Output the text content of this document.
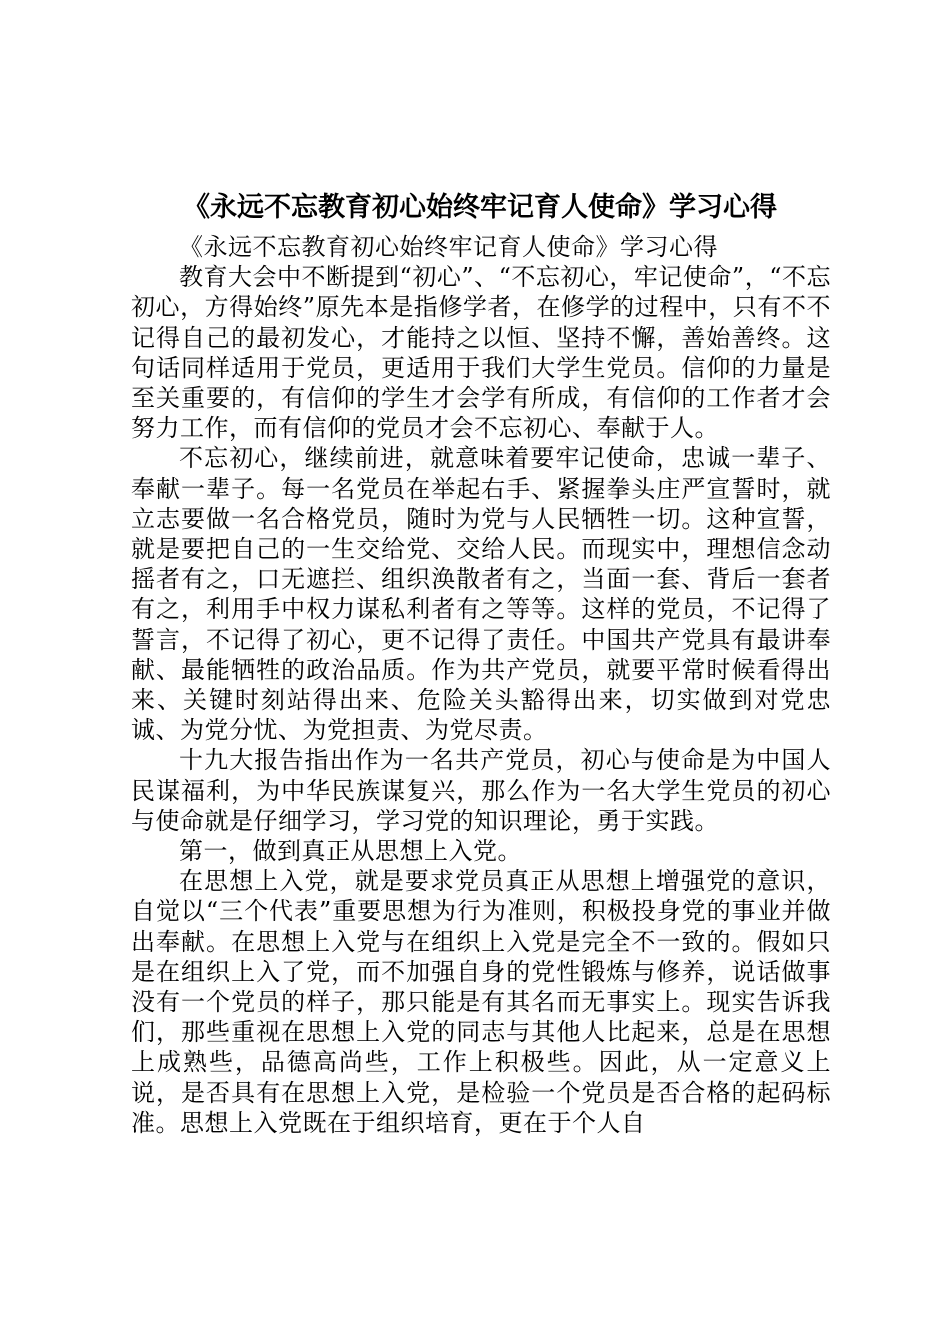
《永远不忘教育初心始终牢记育人使命》学习心得

《永远不忘教育初心始终牢记育人使命》学习心得

教育大会中不断提到“初心”、“不忘初心，牢记使命”，“不忘初心，方得始终”原先本是指修学者，在修学的过程中，只有不不记得自己的最初发心，才能持之以恒、坚持不懈，善始善终。这句话同样适用于党员，更适用于我们大学生党员。信仰的力量是至关重要的，有信仰的学生才会学有所成，有信仰的工作者才会努力工作，而有信仰的党员才会不忘初心、奉献于人。

不忘初心，继续前进，就意味着要牢记使命，忠诚一辈子、奉献一辈子。每一名党员在举起右手、紧握拳头庄严宣誓时，就立志要做一名合格党员，随时为党与人民牺牲一切。这种宣誓，就是要把自己的一生交给党、交给人民。而现实中，理想信念动摇者有之，口无遮拦、组织涣散者有之，当面一套、背后一套者有之，利用手中权力谋私利者有之等等。这样的党员，不记得了誓言，不记得了初心，更不记得了责任。中国共产党具有最讲奉献、最能牺牲的政治品质。作为共产党员，就要平常时候看得出来、关键时刻站得出来、危险关头豁得出来，切实做到对党忠诚、为党分忧、为党担责、为党尽责。

十九大报告指出作为一名共产党员，初心与使命是为中国人民谋福利，为中华民族谋复兴，那么作为一名大学生党员的初心与使命就是仔细学习，学习党的知识理论，勇于实践。

第一，做到真正从思想上入党。

在思想上入党，就是要求党员真正从思想上增强党的意识，自觉以“三个代表”重要思想为行为准则，积极投身党的事业并做出奉献。在思想上入党与在组织上入党是完全不一致的。假如只是在组织上入了党，而不加强自身的党性锻炼与修养，说话做事没有一个党员的样子，那只能是有其名而无事实上。现实告诉我们，那些重视在思想上入党的同志与其他人比起来，总是在思想上成熟些，品德高尚些，工作上积极些。因此，从一定意义上说，是否具有在思想上入党，是检验一个党员是否合格的起码标准。思想上入党既在于组织培育，更在于个人自
